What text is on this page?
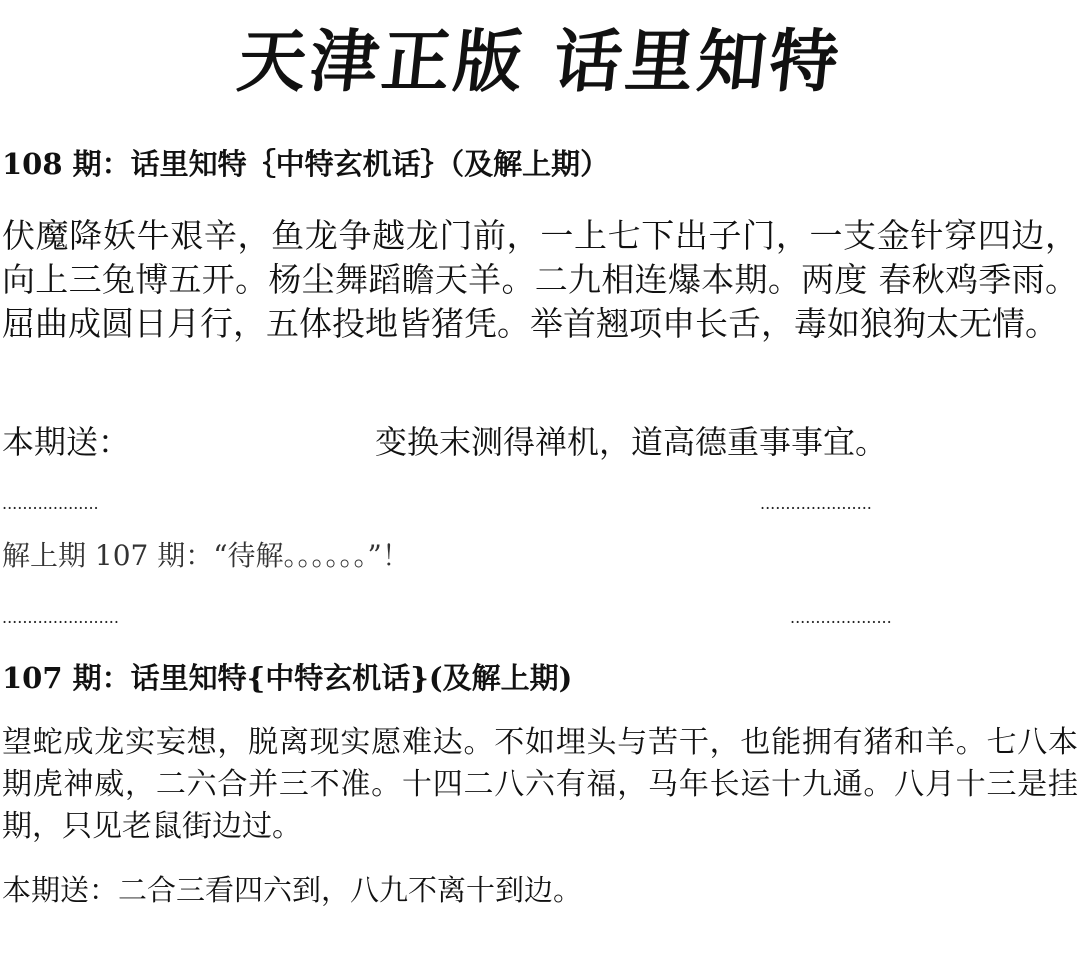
天津正版 话里知特
108 期：话里知特｛中特玄机话｝（及解上期）
伏魔降妖牛艰辛，鱼龙争越龙门前，一上七下出子门，一支金针穿四边，向上三兔博五开。杨尘舞蹈瞻天羊。二九相连爆本期。两度 春秋鸡季雨。屈曲成圆日月行，五体投地皆猪凭。举首翘项申长舌，毒如狼狗太无情。
本期送：	变换末测得禅机，道高德重事事宜。
...................	......................
解上期 107 期：“待解。。。。。。”！
.......................	....................
107 期：话里知特{中特玄机话}(及解上期)
望蛇成龙实妄想，脱离现实愿难达。不如埋头与苦干，也能拥有猪和羊。七八本期虎神威，二六合并三不准。十四二八六有福，马年长运十九通。八月十三是挂期，只见老鼠街边过。
本期送：二合三看四六到，八九不离十到边。
